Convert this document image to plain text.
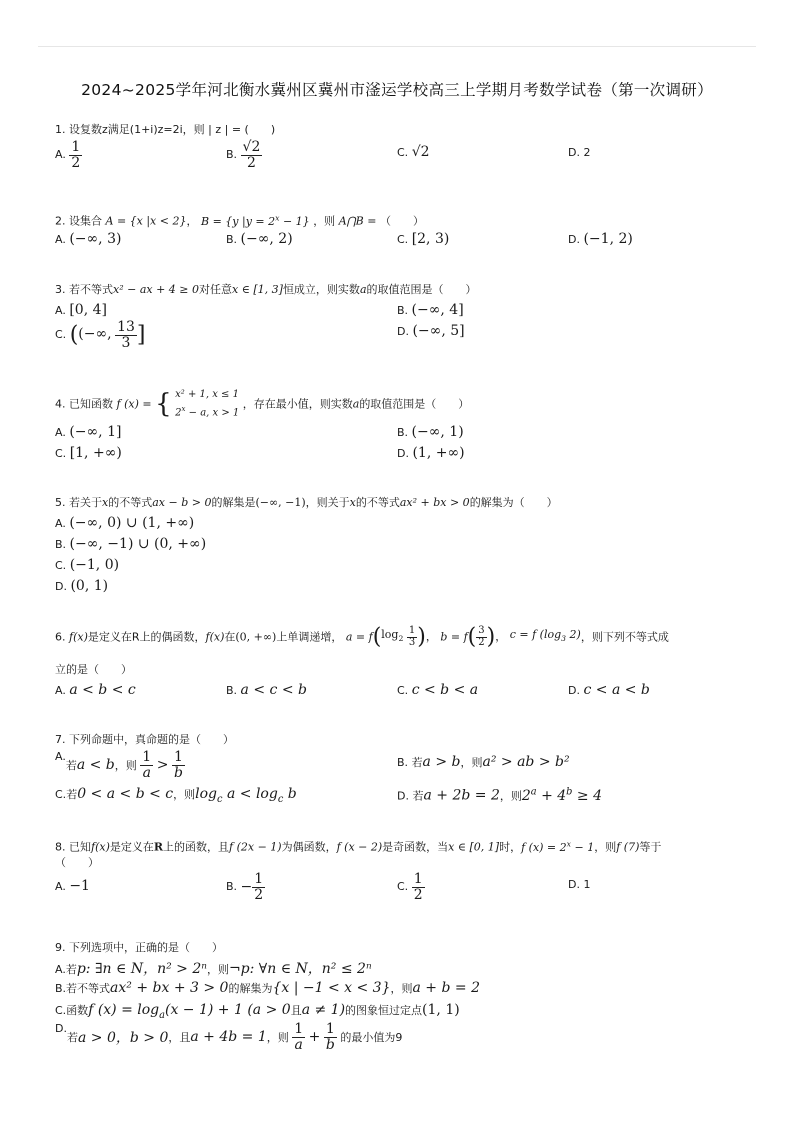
2024~2025学年河北衡水冀州区冀州市滏运学校高三上学期月考数学试卷（第一次调研）
1. 设复数z满足(1+i)z=2i，则 | z | = (　　)
A. $\frac{1}{2}$	B. $\frac{√2}{2}$	C. √2	D. 2
2. 设集合 A = {x |x < 2}， B = {y $|y = 2^x - 1$} ，则 A⋂B = （　　）
A. (−∞, 3)	B. (−∞, 2)	C. [2, 3)	D. (−1, 2)
3. 若不等式x² − ax + 4 ≥ 0对任意x ∈ [1, 3]恒成立，则实数a的取值范围是（　　）
A. [0, 4]	B. (−∞, 4]
C. ((−∞, $\frac{13}{3}$ ]	D. (−∞, 5]
4. 已知函数 f (x) = { x² + 1, x ≤ 1
$2^x - a$, x > 1
，存在最小值，则实数a的取值范围是（　　）
A. (−∞, 1]	B. (−∞, 1)
C. [1, +∞)	D. (1, +∞)
5. 若关于x的不等式ax − b > 0的解集是(−∞, −1)，则关于x的不等式ax² + bx > 0的解集为（　　）
A. (−∞, 0) ∪ (1, +∞)
B. (−∞, −1) ∪ (0, +∞)
C. (−1, 0)
D. (0, 1)
6. f(x)是定义在R上的偶函数，f(x)在(0, +∞)上单调递增， $a = f(\log_2 \frac{1}{3}$ )， $b = f( \frac{3}{2}$ )， c = f ($\log_3$ 2)，则下列不等式成
立的是（　　）
A. a < b < c	B. a < c < b	C. c < b < a	D. c < a < b
7. 下列命题中，真命题的是（　　）
A.若a < b，则 $\frac{1}{a} > \frac{1}{b}$	B. 若a > b，则a² > ab > b²
C.若0 < a < b < c，则$\log_c a < \log_c b$	D. 若a + 2b = 2，则$2^a + 4^b \ge 4$
8. 已知f(x)是定义在R上的函数，且f (2x − 1)为偶函数，f (x − 2)是奇函数，当x ∈ [0, 1]时，f $(x) = 2^x - 1$，则f (7)等于
（　　）
A. −1	B. − $\frac{1}{2}$	C. $\frac{1}{2}$	D. 1
9. 下列选项中，正确的是（　　）
A.若p: ∃n ∈ N，n² > 2ⁿ，则¬p: ∀n ∈ N，n² ≤ 2ⁿ
B.若不等式ax² + bx + 3 > 0的解集为{x | −1 < x < 3}，则a + b = 2
C.函数f $(x) = \log_a(x - 1) + 1$ (a > 0且a ≠ 1)的图象恒过定点(1, 1)
D.若a > 0，b > 0，且a + 4b = 1，则 $\frac{1}{a} + \frac{1}{b}$ 的最小值为9
